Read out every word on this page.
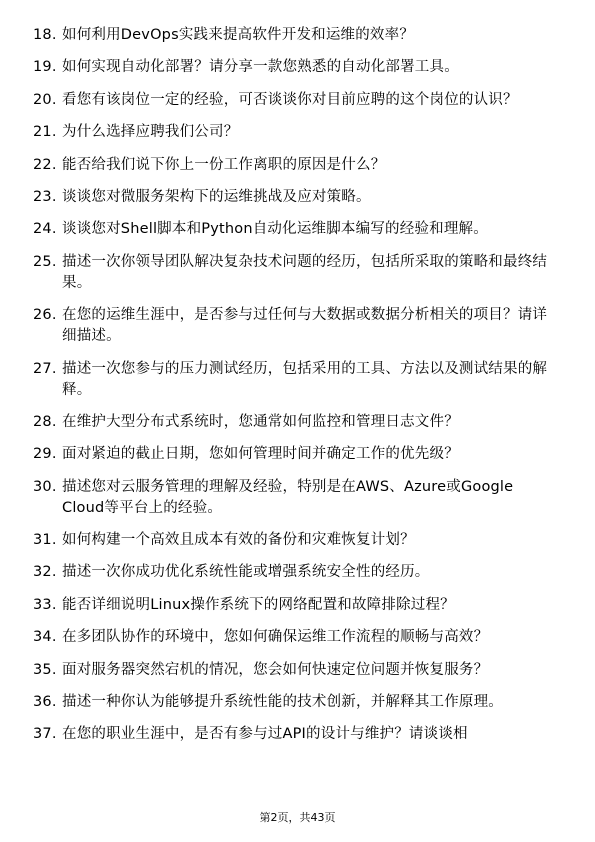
18. 如何利用DevOps实践来提高软件开发和运维的效率？
19. 如何实现自动化部署？请分享一款您熟悉的自动化部署工具。
20. 看您有该岗位一定的经验，可否谈谈你对目前应聘的这个岗位的认识？
21. 为什么选择应聘我们公司？
22. 能否给我们说下你上一份工作离职的原因是什么？
23. 谈谈您对微服务架构下的运维挑战及应对策略。
24. 谈谈您对Shell脚本和Python自动化运维脚本编写的经验和理解。
25. 描述一次你领导团队解决复杂技术问题的经历，包括所采取的策略和最终结果。
26. 在您的运维生涯中，是否参与过任何与大数据或数据分析相关的项目？请详细描述。
27. 描述一次您参与的压力测试经历，包括采用的工具、方法以及测试结果的解释。
28. 在维护大型分布式系统时，您通常如何监控和管理日志文件？
29. 面对紧迫的截止日期，您如何管理时间并确定工作的优先级？
30. 描述您对云服务管理的理解及经验，特别是在AWS、Azure或Google Cloud等平台上的经验。
31. 如何构建一个高效且成本有效的备份和灾难恢复计划？
32. 描述一次你成功优化系统性能或增强系统安全性的经历。
33. 能否详细说明Linux操作系统下的网络配置和故障排除过程？
34. 在多团队协作的环境中，您如何确保运维工作流程的顺畅与高效？
35. 面对服务器突然宕机的情况，您会如何快速定位问题并恢复服务？
36. 描述一种你认为能够提升系统性能的技术创新，并解释其工作原理。
37. 在您的职业生涯中，是否有参与过API的设计与维护？请谈谈相
第2页，共43页
